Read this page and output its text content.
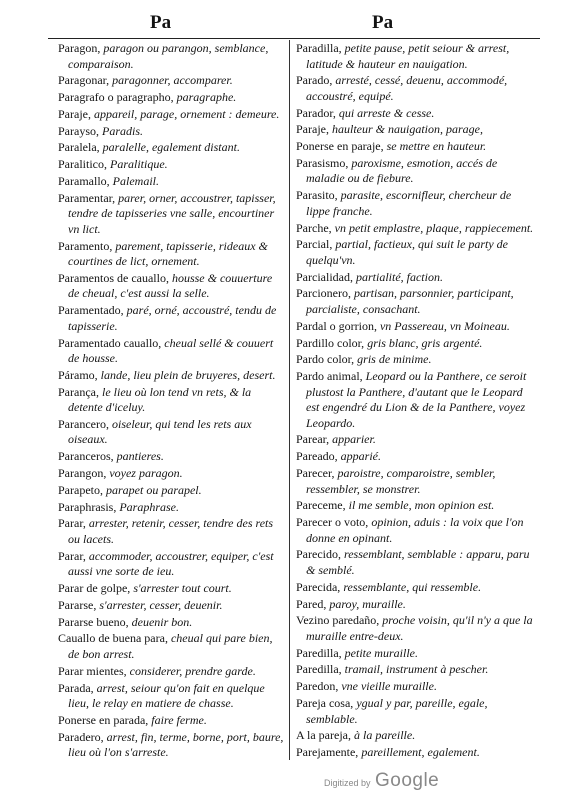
Pa	Pa
Paragon, paragon ou parangon, semblance, comparaison.
Paragonar, paragonner, accomparer.
Paragrafo o paragrapho, paragraphe.
Paraje, appareil, parage, ornement : demeure.
Parayso, Paradis.
Paralela, paralelle, egalement distant.
Paralitico, Paralitique.
Paramallo, Palemail.
Paramentar, parer, orner, accoustrer, tapisser, tendre de tapisseries vne salle, encourtiner vn lict.
Paramento, parement, tapisserie, rideaux & courtines de lict, ornement.
Paramentos de cauallo, housse & couuerture de cheual, c'est aussi la selle.
Paramentado, paré, orné, accoustré, tendu de tapisserie.
Paramentado cauallo, cheual sellé & couuert de housse.
Páramo, lande, lieu plein de bruyeres, desert.
Parança, le lieu où lon tend vn rets, & la detente d'iceluy.
Parancero, oiseleur, qui tend les rets aux oiseaux.
Paranceros, pantieres.
Parangon, voyez paragon.
Parapeto, parapet ou parapel.
Paraphrasis, Paraphrase.
Parar, arrester, retenir, cesser, tendre des rets ou lacets.
Parar, accommoder, accoustrer, equiper, c'est aussi vne sorte de ieu.
Parar de golpe, s'arrester tout court.
Pararse, s'arrester, cesser, deuenir.
Pararse bueno, deuenir bon.
Cauallo de buena para, cheual qui pare bien, de bon arrest.
Parar mientes, considerer, prendre garde.
Parada, arrest, seiour qu'on fait en quelque lieu, le relay en matiere de chasse.
Ponerse en parada, faire ferme.
Paradero, arrest, fin, terme, borne, port, baure, lieu où l'on s'arreste.
Paradilla, petite pause, petit seiour & arrest, latitude & hauteur en nauigation.
Parado, arresté, cessé, deuenu, accommodé, accoustré, equipé.
Parador, qui arreste & cesse.
Paraje, haulteur & nauigation, parage,
Ponerse en paraje, se mettre en hauteur.
Parasismo, paroxisme, esmotion, accés de maladie ou de fiebure.
Parasito, parasite, escornifleur, chercheur de lippe franche.
Parche, vn petit emplastre, plaque, rappiecement.
Parcial, partial, factieux, qui suit le party de quelqu'vn.
Parcialidad, partialité, faction.
Parcionero, partisan, parsonnier, participant, parcialiste, consachant.
Pardal o gorrion, vn Passereau, vn Moineau.
Pardillo color, gris blanc, gris argenté.
Pardo color, gris de minime.
Pardo animal, Leopard ou la Panthere, ce seroit plustost la Panthere, d'autant que le Leopard est engendré du Lion & de la Panthere, voyez Leopardo.
Parear, apparier.
Pareado, apparié.
Parecer, paroistre, comparoistre, sembler, ressembler, se monstrer.
Pareceme, il me semble, mon opinion est.
Parecer o voto, opinion, aduis : la voix que l'on donne en opinant.
Parecido, ressemblant, semblable : apparu, paru & semblé.
Parecida, ressemblante, qui ressemble.
Pared, paroy, muraille.
Vezino paredaño, proche voisin, qu'il n'y a que la muraille entre-deux.
Paredilla, petite muraille.
Paredilla, tramail, instrument à pescher.
Paredon, vne vieille muraille.
Pareja cosa, ygual y par, pareille, egale, semblable.
A la pareja, à la pareille.
Parejamente, pareillement, egalement.
Digitized by Google
